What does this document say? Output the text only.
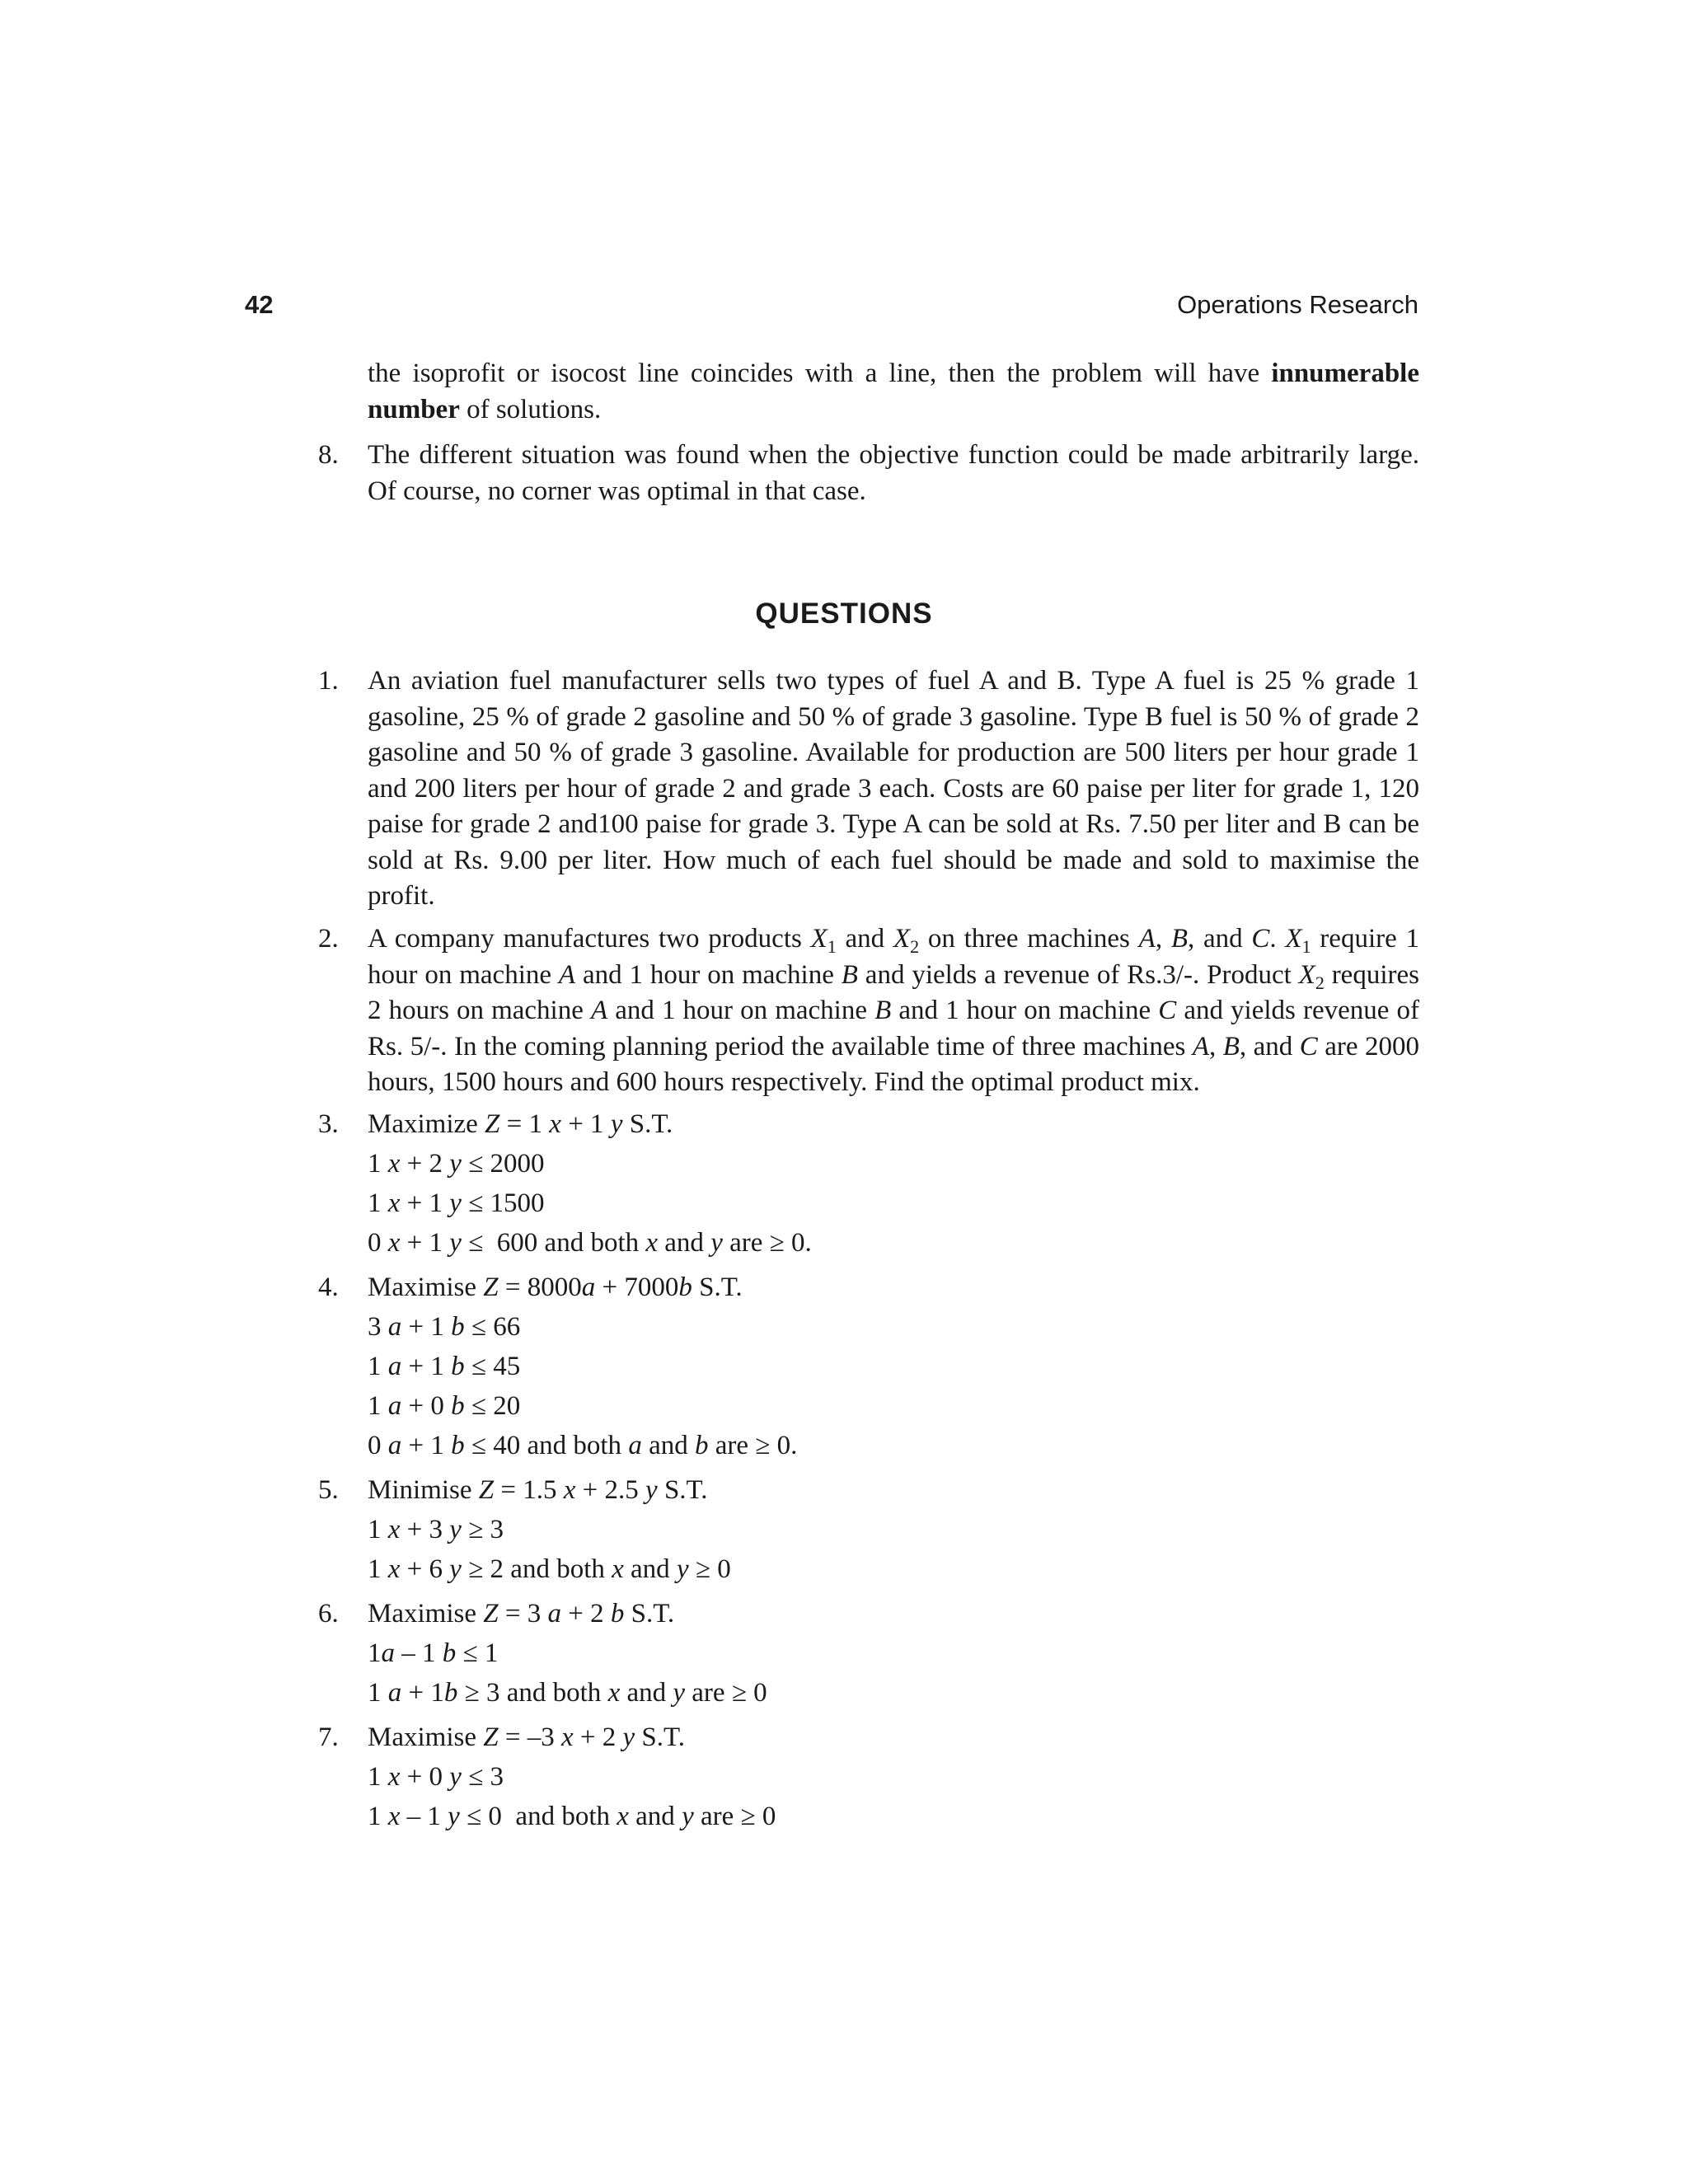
42	Operations Research
the isoprofit or isocost line coincides with a line, then the problem will have innumerable number of solutions.
8. The different situation was found when the objective function could be made arbitrarily large. Of course, no corner was optimal in that case.
QUESTIONS
1. An aviation fuel manufacturer sells two types of fuel A and B. Type A fuel is 25 % grade 1 gasoline, 25 % of grade 2 gasoline and 50 % of grade 3 gasoline. Type B fuel is 50 % of grade 2 gasoline and 50 % of grade 3 gasoline. Available for production are 500 liters per hour grade 1 and 200 liters per hour of grade 2 and grade 3 each. Costs are 60 paise per liter for grade 1, 120 paise for grade 2 and100 paise for grade 3. Type A can be sold at Rs. 7.50 per liter and B can be sold at Rs. 9.00 per liter. How much of each fuel should be made and sold to maximise the profit.
2. A company manufactures two products $X_1$ and $X_2$ on three machines A, B, and C. $X_1$ require 1 hour on machine A and 1 hour on machine B and yields a revenue of Rs.3/-. Product $X_2$ requires 2 hours on machine A and 1 hour on machine B and 1 hour on machine C and yields revenue of Rs. 5/-. In the coming planning period the available time of three machines A, B, and C are 2000 hours, 1500 hours and 600 hours respectively. Find the optimal product mix.
3. Maximize Z = 1 x + 1 y S.T.
1 x + 2 y ≤ 2000
1 x + 1 y ≤ 1500
0 x + 1 y ≤  600 and both x and y are ≥ 0.
4. Maximise Z = 8000a + 7000b S.T.
3 a + 1 b ≤ 66
1 a + 1 b ≤ 45
1 a + 0 b ≤ 20
0 a + 1 b ≤ 40 and both a and b are ≥ 0.
5. Minimise Z = 1.5 x + 2.5 y S.T.
1 x + 3 y ≥ 3
1 x + 6 y ≥ 2 and both x and y ≥ 0
6. Maximise Z = 3 a + 2 b S.T.
1a – 1 b ≤ 1
1 a + 1b ≥ 3 and both x and y are ≥ 0
7. Maximise Z = –3 x + 2 y S.T.
1 x + 0 y ≤ 3
1 x – 1 y ≤ 0  and both x and y are ≥ 0
